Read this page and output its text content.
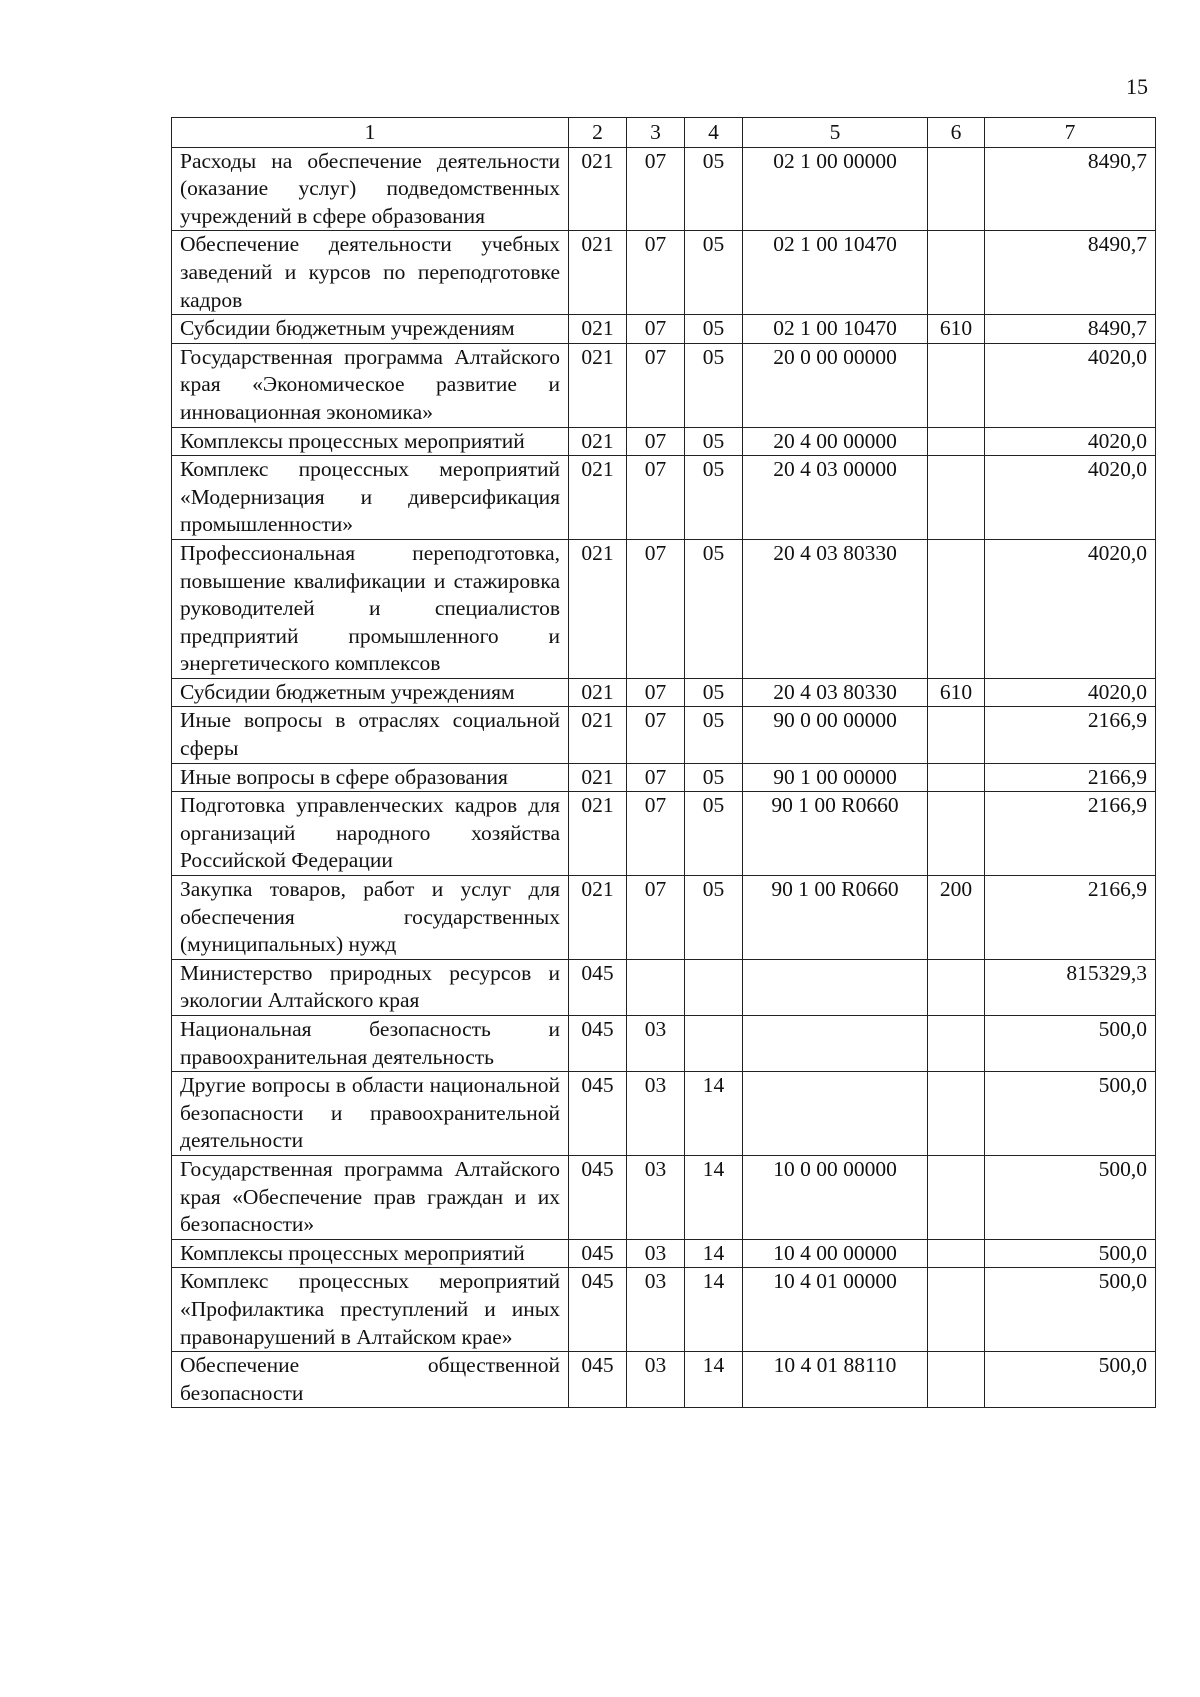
15
1	2	3	4	5	6	7
Расходы на обеспечение деятельности (оказание услуг) подведомственных учреждений в сфере образования	021	07	05	02 1 00 00000		8490,7
Обеспечение деятельности учебных заведений и курсов по переподготовке кадров	021	07	05	02 1 00 10470		8490,7
Субсидии бюджетным учреждениям	021	07	05	02 1 00 10470	610	8490,7
Государственная программа Алтайского края «Экономическое развитие и инновационная экономика»	021	07	05	20 0 00 00000		4020,0
Комплексы процессных мероприятий	021	07	05	20 4 00 00000		4020,0
Комплекс процессных мероприятий «Модернизация и диверсификация промышленности»	021	07	05	20 4 03 00000		4020,0
Профессиональная переподготовка, повышение квалификации и стажировка руководителей и специалистов предприятий промышленного и энергетического комплексов	021	07	05	20 4 03 80330		4020,0
Субсидии бюджетным учреждениям	021	07	05	20 4 03 80330	610	4020,0
Иные вопросы в отраслях социальной сферы	021	07	05	90 0 00 00000		2166,9
Иные вопросы в сфере образования	021	07	05	90 1 00 00000		2166,9
Подготовка управленческих кадров для организаций народного хозяйства Российской Федерации	021	07	05	90 1 00 R0660		2166,9
Закупка товаров, работ и услуг для обеспечения государственных (муниципальных) нужд	021	07	05	90 1 00 R0660	200	2166,9
Министерство природных ресурсов и экологии Алтайского края	045					815329,3
Национальная безопасность и правоохранительная деятельность	045	03				500,0
Другие вопросы в области национальной безопасности и правоохранительной деятельности	045	03	14			500,0
Государственная программа Алтайского края «Обеспечение прав граждан и их безопасности»	045	03	14	10 0 00 00000		500,0
Комплексы процессных мероприятий	045	03	14	10 4 00 00000		500,0
Комплекс процессных мероприятий «Профилактика преступлений и иных правонарушений в Алтайском крае»	045	03	14	10 4 01 00000		500,0
Обеспечение общественной безопасности	045	03	14	10 4 01 88110		500,0
